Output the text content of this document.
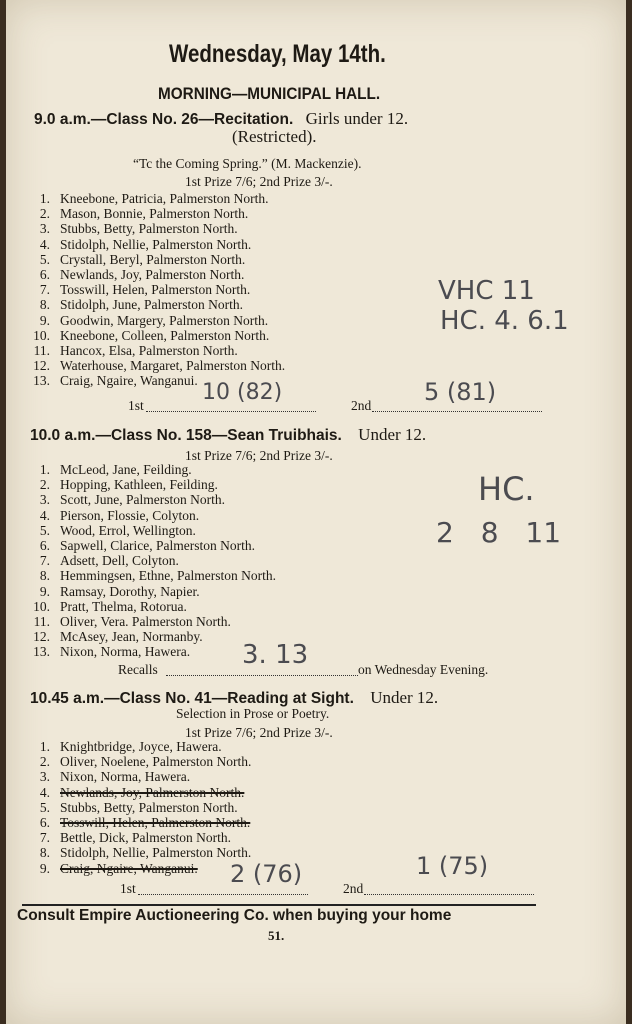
Wednesday, May 14th.
MORNING—MUNICIPAL HALL.
9.0 a.m.—Class No. 26—Recitation. Girls under 12.
(Restricted).
“Tc the Coming Spring.” (M. Mackenzie).
1st Prize 7/6; 2nd Prize 3/-.
1. Kneebone, Patricia, Palmerston North.
2. Mason, Bonnie, Palmerston North.
3. Stubbs, Betty, Palmerston North.
4. Stidolph, Nellie, Palmerston North.
5. Crystall, Beryl, Palmerston North.
6. Newlands, Joy, Palmerston North.
7. Tosswill, Helen, Palmerston North.
8. Stidolph, June, Palmerston North.
9. Goodwin, Margery, Palmerston North.
10. Kneebone, Colleen, Palmerston North.
11. Hancox, Elsa, Palmerston North.
12. Waterhouse, Margaret, Palmerston North.
13. Craig, Ngaire, Wanganui.
1st	2nd
10 (82)	5 (81)
VHC 11
HC. 4. 6.1
10.0 a.m.—Class No. 158—Sean Truibhais. Under 12.
1st Prize 7/6; 2nd Prize 3/-.
1. McLeod, Jane, Feilding.
2. Hopping, Kathleen, Feilding.
3. Scott, June, Palmerston North.
4. Pierson, Flossie, Colyton.
5. Wood, Errol, Wellington.
6. Sapwell, Clarice, Palmerston North.
7. Adsett, Dell, Colyton.
8. Hemmingsen, Ethne, Palmerston North.
9. Ramsay, Dorothy, Napier.
10. Pratt, Thelma, Rotorua.
11. Oliver, Vera. Palmerston North.
12. McAsey, Jean, Normanby.
13. Nixon, Norma, Hawera.
Recalls	on Wednesday Evening.
3. 13
HC.
2 8 11
10.45 a.m.—Class No. 41—Reading at Sight. Under 12.
Selection in Prose or Poetry.
1st Prize 7/6; 2nd Prize 3/-.
1. Knightbridge, Joyce, Hawera.
2. Oliver, Noelene, Palmerston North.
3. Nixon, Norma, Hawera.
4. Newlands, Joy, Palmerston North.
5. Stubbs, Betty, Palmerston North.
6. Tosswill, Helen, Palmerston North.
7. Bettle, Dick, Palmerston North.
8. Stidolph, Nellie, Palmerston North.
9. Craig, Ngaire, Wanganui.
1st	2nd
2 (76)	1 (75)
Consult Empire Auctioneering Co. when buying your home
51.
